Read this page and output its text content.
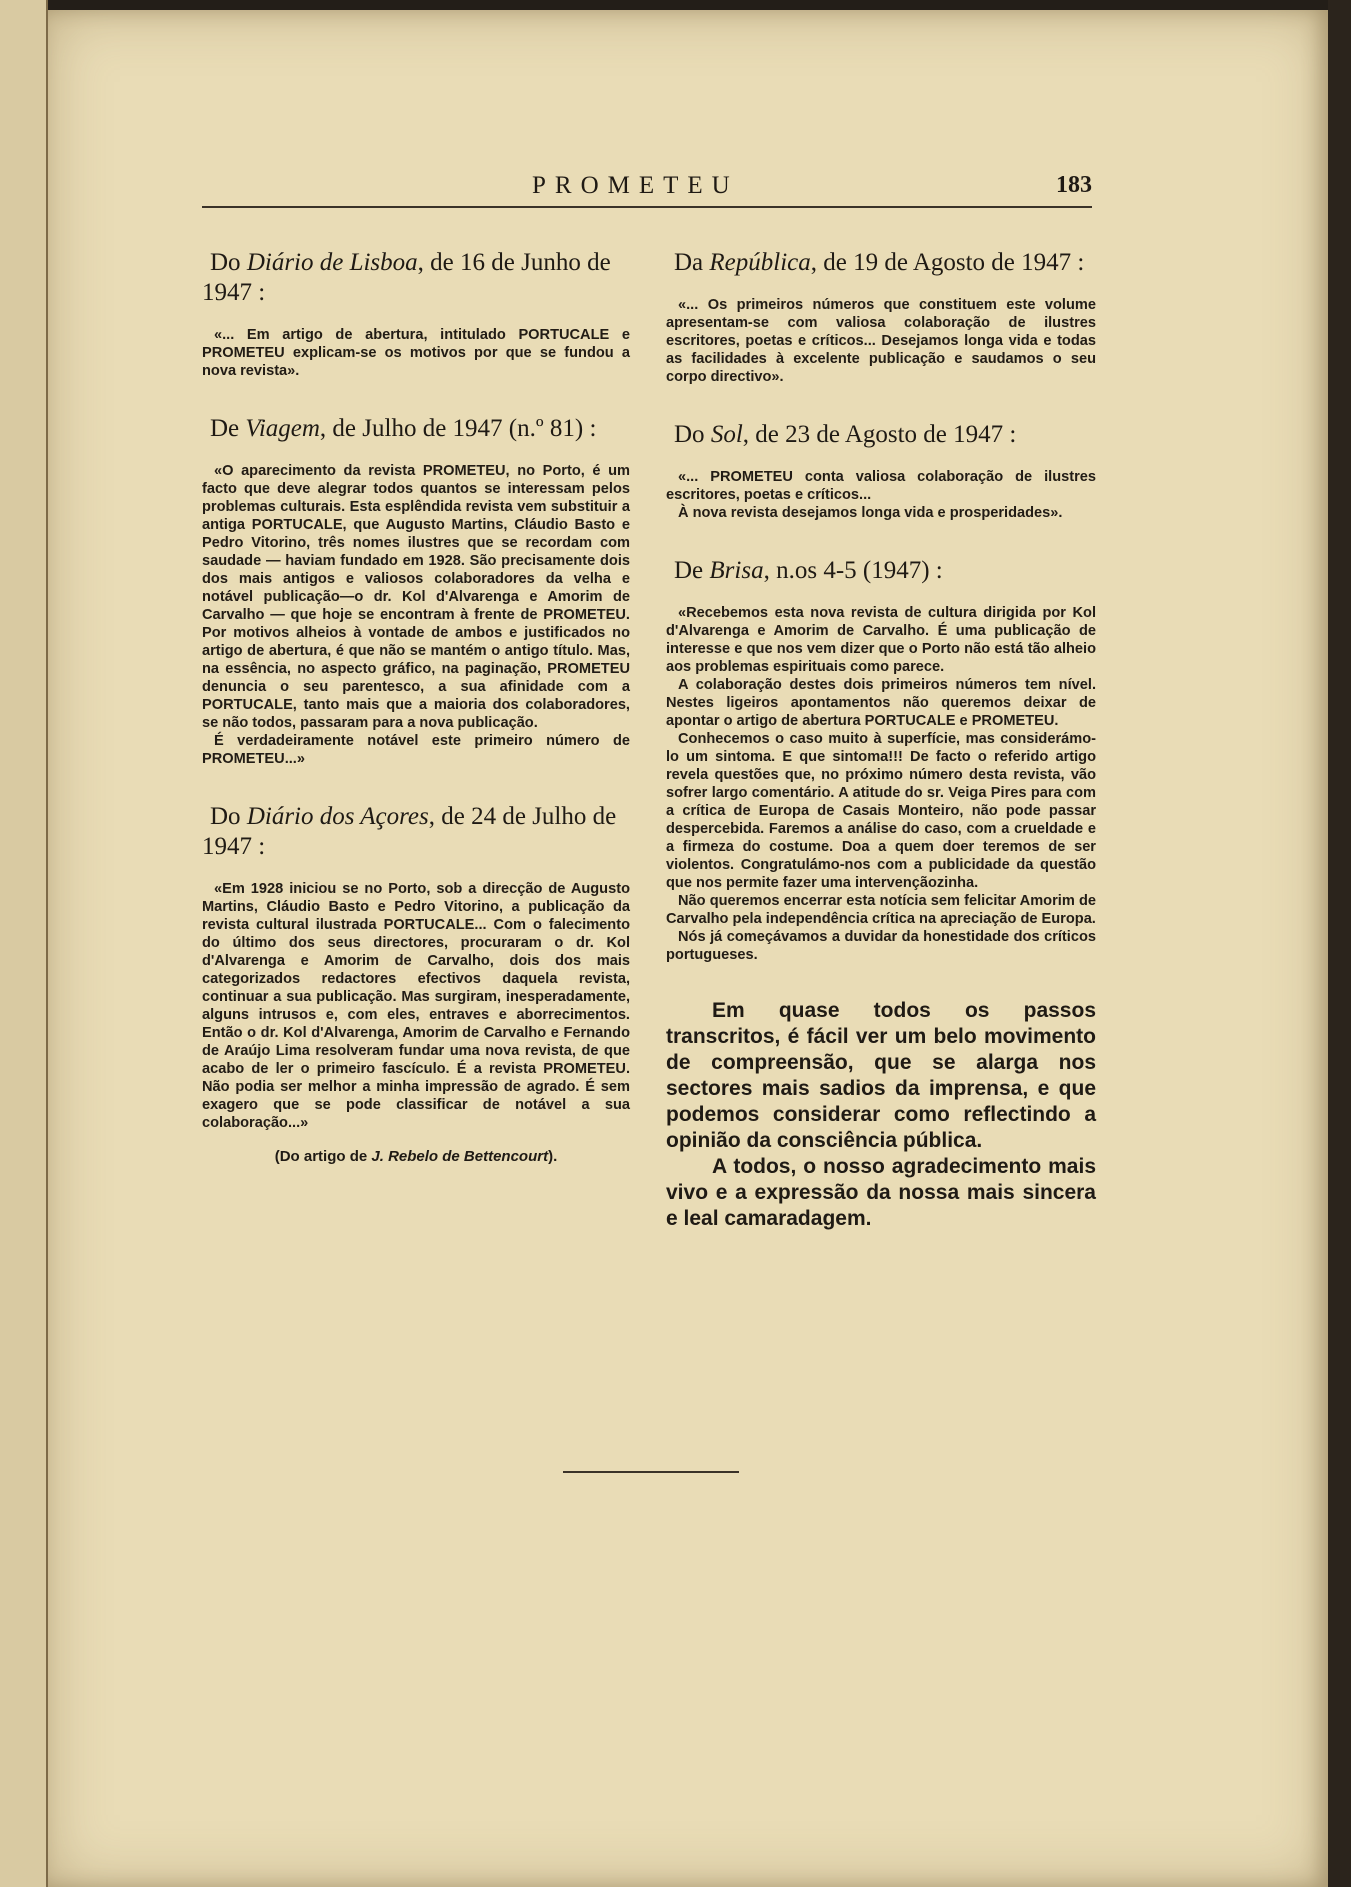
PROMETEU	183
Do Diário de Lisboa, de 16 de Junho de 1947 :
«... Em artigo de abertura, intitulado PORTUCALE e PROMETEU explicam-se os motivos por que se fundou a nova revista».
De Viagem, de Julho de 1947 (n.º 81) :

«O aparecimento da revista PROMETEU, no Porto, é um facto que deve alegrar todos quantos se interessam pelos problemas culturais. Esta esplêndida revista vem substituir a antiga PORTUCALE, que Augusto Martins, Cláudio Basto e Pedro Vitorino, três nomes ilustres que se recordam com saudade — haviam fundado em 1928. São precisamente dois dos mais antigos e valiosos colaboradores da velha e notável publicação—o dr. Kol d'Alvarenga e Amorim de Carvalho — que hoje se encontram à frente de PROMETEU. Por motivos alheios à vontade de ambos e justificados no artigo de abertura, é que não se mantém o antigo título. Mas, na essência, no aspecto gráfico, na paginação, PROMETEU denuncia o seu parentesco, a sua afinidade com a PORTUCALE, tanto mais que a maioria dos colaboradores, se não todos, passaram para a nova publicação.

É verdadeiramente notável este primeiro número de PROMETEU...»

Do Diário dos Açores, de 24 de Julho de 1947 :
«Em 1928 iniciou se no Porto, sob a direcção de Augusto Martins, Cláudio Basto e Pedro Vitorino, a publicação da revista cultural ilustrada PORTUCALE... Com o falecimento do último dos seus directores, procuraram o dr. Kol d'Alvarenga e Amorim de Carvalho, dois dos mais categorizados redactores efectivos daquela revista, continuar a sua publicação. Mas surgiram, inesperadamente, alguns intrusos e, com eles, entraves e aborrecimentos. Então o dr. Kol d'Alvarenga, Amorim de Carvalho e Fernando de Araújo Lima resolveram fundar uma nova revista, de que acabo de ler o primeiro fascículo. É a revista PROMETEU. Não podia ser melhor a minha impressão de agrado. É sem exagero que se pode classificar de notável a sua colaboração...»
(Do artigo de J. Rebelo de Bettencourt).
Da República, de 19 de Agosto de 1947 :
«... Os primeiros números que constituem este volume apresentam-se com valiosa colaboração de ilustres escritores, poetas e críticos... Desejamos longa vida e todas as facilidades à excelente publicação e saudamos o seu corpo directivo».
Do Sol, de 23 de Agosto de 1947 :

«... PROMETEU conta valiosa colaboração de ilustres escritores, poetas e críticos...

À nova revista desejamos longa vida e prosperidades».

De Brisa, n.os 4-5 (1947) :

«Recebemos esta nova revista de cultura dirigida por Kol d'Alvarenga e Amorim de Carvalho. É uma publicação de interesse e que nos vem dizer que o Porto não está tão alheio aos problemas espirituais como parece.

A colaboração destes dois primeiros números tem nível. Nestes ligeiros apontamentos não queremos deixar de apontar o artigo de abertura PORTUCALE e PROMETEU.

Conhecemos o caso muito à superfície, mas considerámo-lo um sintoma. E que sintoma!!! De facto o referido artigo revela questões que, no próximo número desta revista, vão sofrer largo comentário. A atitude do sr. Veiga Pires para com a crítica de Europa de Casais Monteiro, não pode passar despercebida. Faremos a análise do caso, com a crueldade e a firmeza do costume. Doa a quem doer teremos de ser violentos. Congratulámo-nos com a publicidade da questão que nos permite fazer uma intervençãozinha.

Não queremos encerrar esta notícia sem felicitar Amorim de Carvalho pela independência crítica na apreciação de Europa.

Nós já começávamos a duvidar da honestidade dos críticos portugueses.

Em quase todos os passos transcritos, é fácil ver um belo movimento de compreensão, que se alarga nos sectores mais sadios da imprensa, e que podemos considerar como reflectindo a opinião da consciência pública.

A todos, o nosso agradecimento mais vivo e a expressão da nossa mais sincera e leal camaradagem.
